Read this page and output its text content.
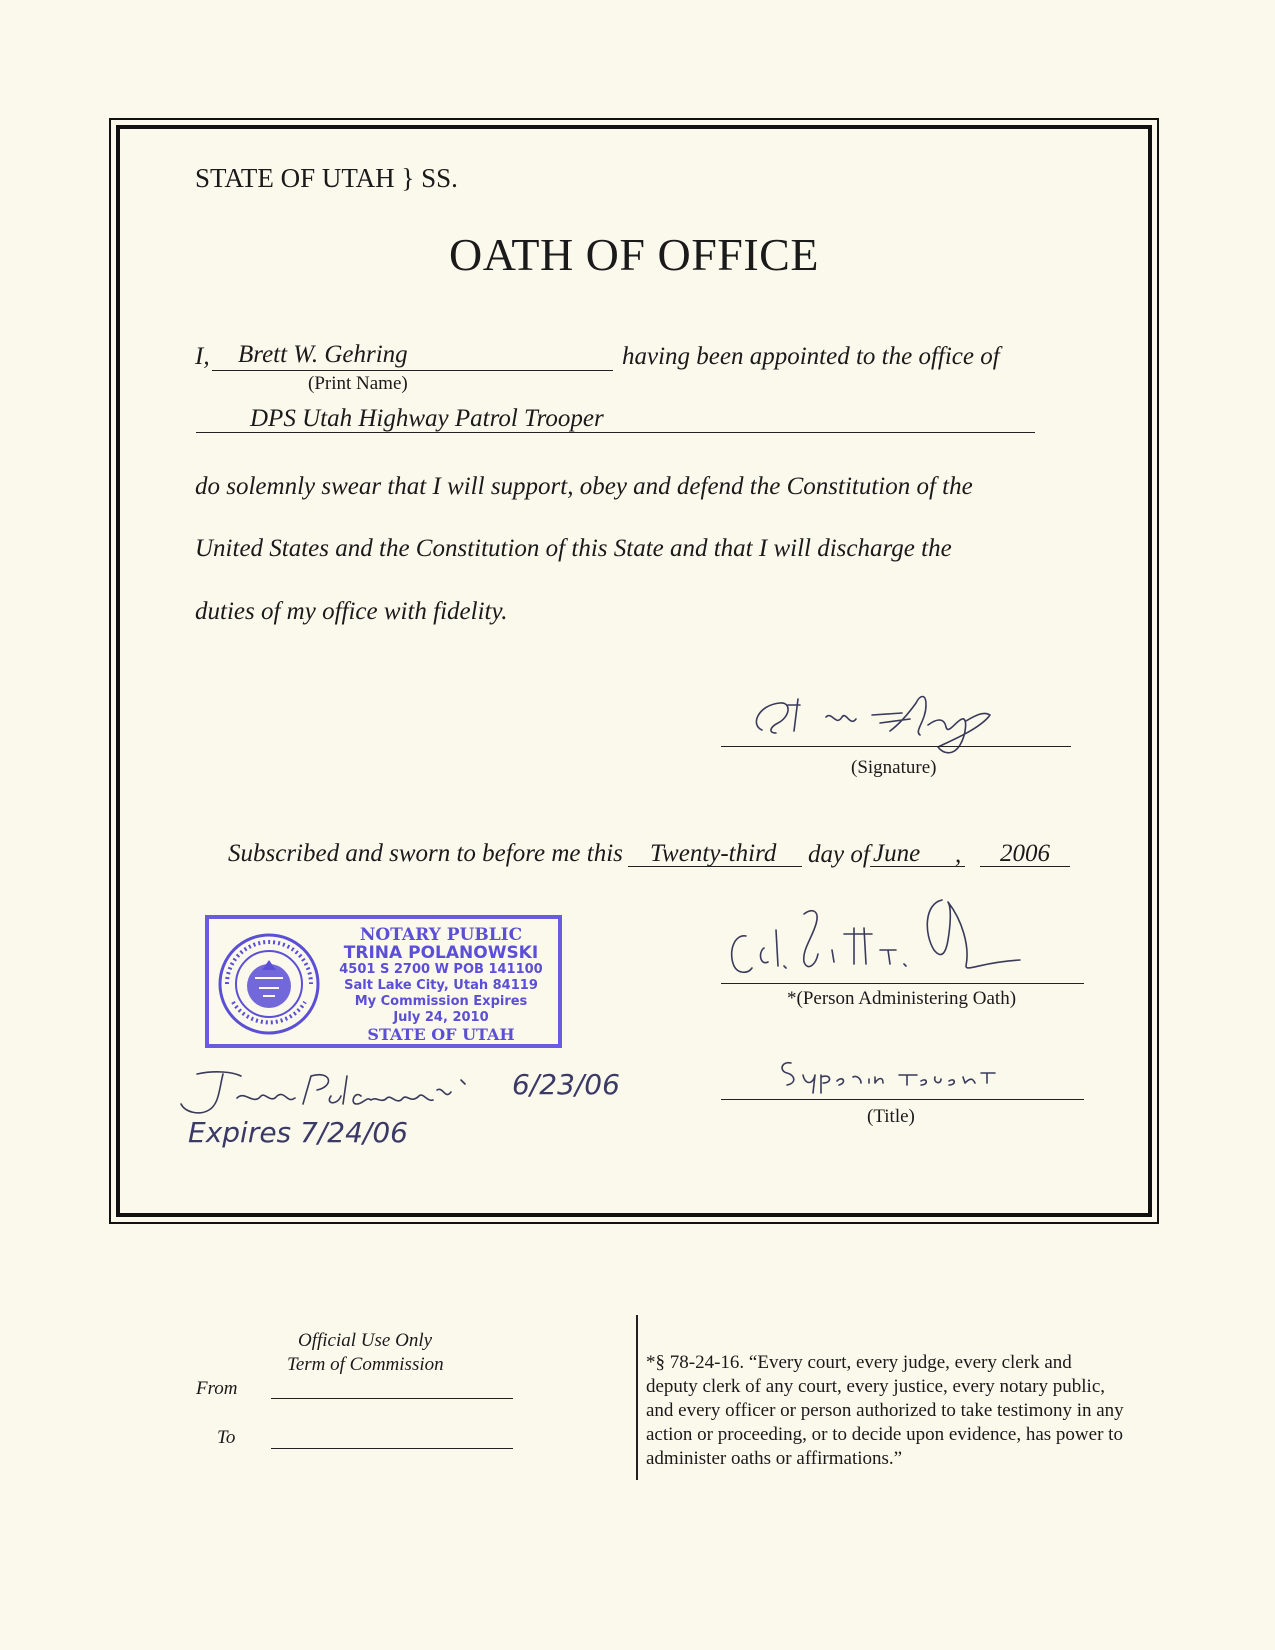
STATE OF UTAH } SS.
OATH OF OFFICE
I, Brett W. Gehring	having been appointed to the office of
(Print Name)
DPS Utah Highway Patrol Trooper
do solemnly swear that I will support, obey and defend the Constitution of the
United States and the Constitution of this State and that I will discharge the
duties of my office with fidelity.
(Signature)
Subscribed and sworn to before me this Twenty-third day of June , 2006
NOTARY PUBLIC
TRINA POLANOWSKI
4501 S 2700 W POB 141100
Salt Lake City, Utah 84119
My Commission Expires
July 24, 2010
STATE OF UTAH
6/23/06
Expires 7/24/06
*(Person Administering Oath)
(Title)
Official Use Only
Term of Commission
From
To
*§ 78-24-16. “Every court, every judge, every clerk and deputy clerk of any court, every justice, every notary public, and every officer or person authorized to take testimony in any action or proceeding, or to decide upon evidence, has power to administer oaths or affirmations.”
